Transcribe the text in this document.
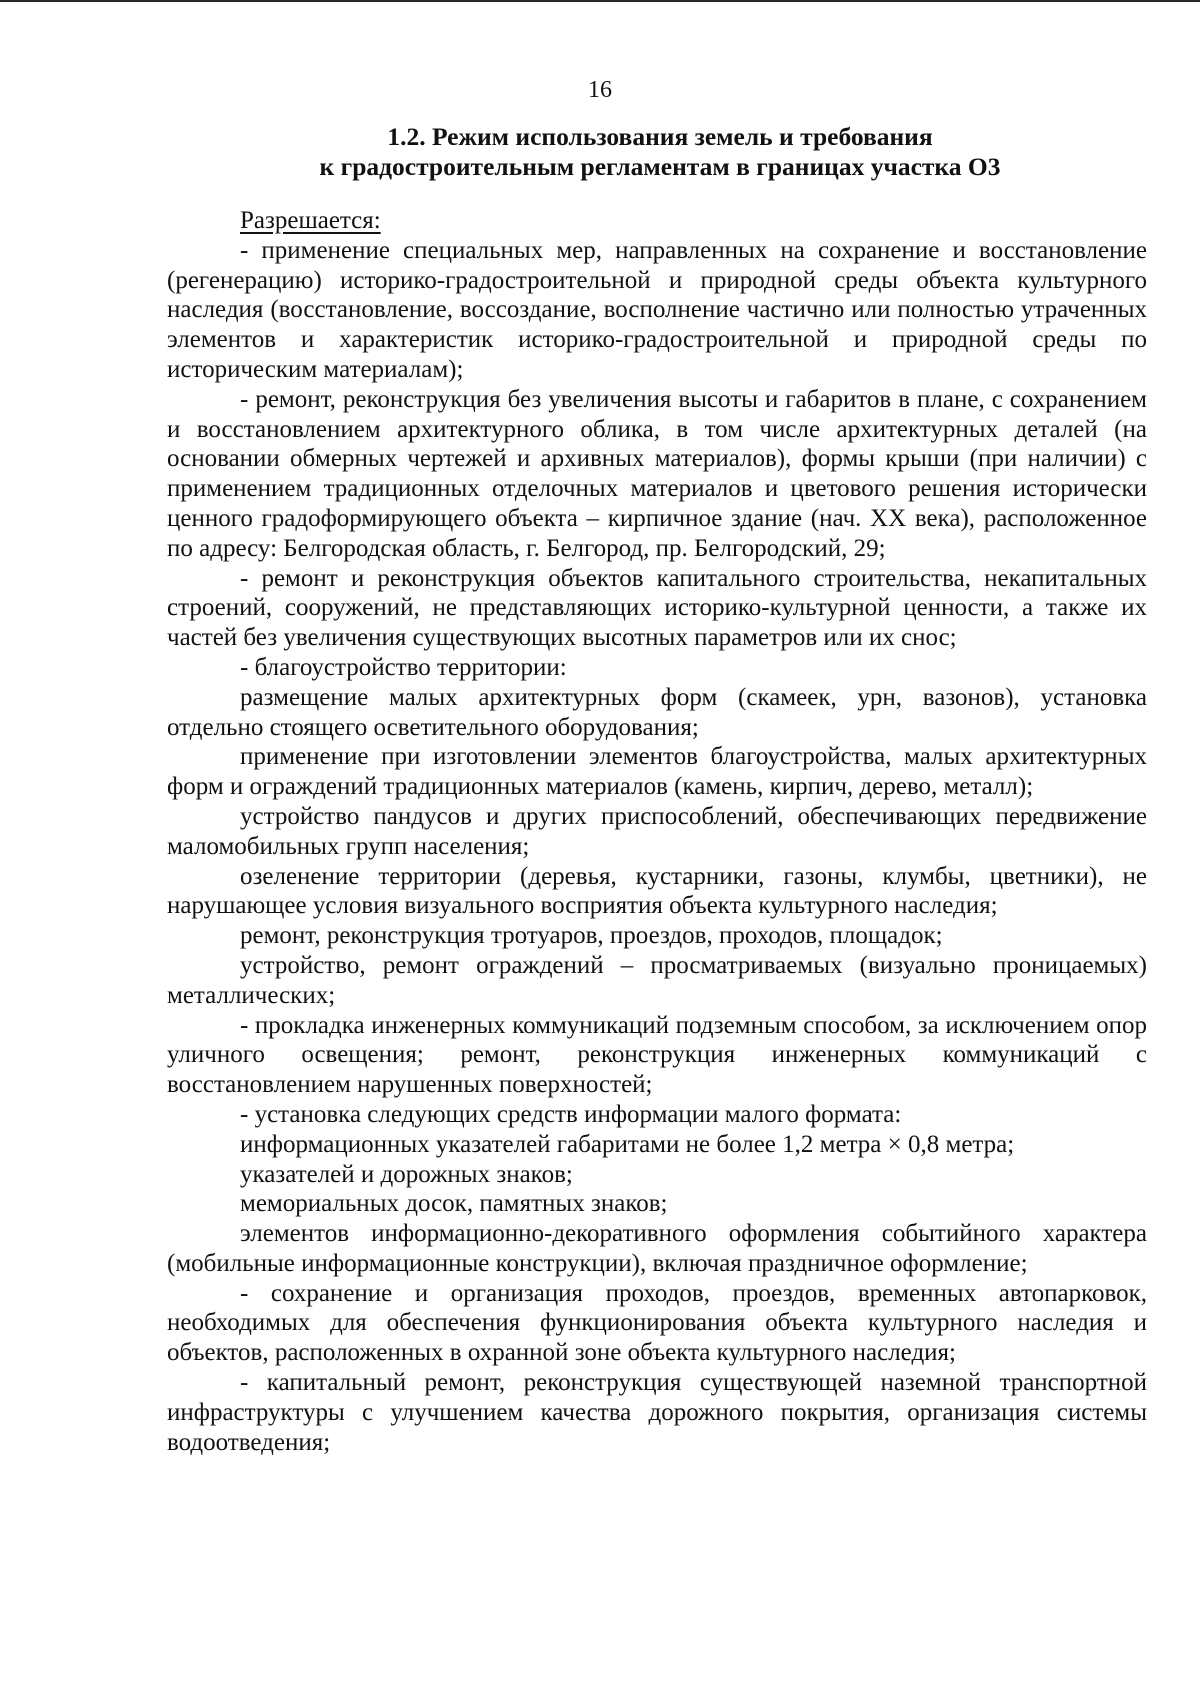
16
1.2. Режим использования земель и требования
к градостроительным регламентам в границах участка О3

Разрешается:

- применение специальных мер, направленных на сохранение и восстановление (регенерацию) историко-градостроительной и природной среды объекта культурного наследия (восстановление, воссоздание, восполнение частично или полностью утраченных элементов и характеристик историко-градостроительной и природной среды по историческим материалам);

- ремонт, реконструкция без увеличения высоты и габаритов в плане, с сохранением и восстановлением архитектурного облика, в том числе архитектурных деталей (на основании обмерных чертежей и архивных материалов), формы крыши (при наличии) с применением традиционных отделочных материалов и цветового решения исторически ценного градоформирующего объекта – кирпичное здание (нач. XX века), расположенное по адресу: Белгородская область, г. Белгород, пр. Белгородский, 29;

- ремонт и реконструкция объектов капитального строительства, некапитальных строений, сооружений, не представляющих историко-культурной ценности, а также их частей без увеличения существующих высотных параметров или их снос;

- благоустройство территории:

размещение малых архитектурных форм (скамеек, урн, вазонов), установка отдельно стоящего осветительного оборудования;

применение при изготовлении элементов благоустройства, малых архитектурных форм и ограждений традиционных материалов (камень, кирпич, дерево, металл);

устройство пандусов и других приспособлений, обеспечивающих передвижение маломобильных групп населения;

озеленение территории (деревья, кустарники, газоны, клумбы, цветники), не нарушающее условия визуального восприятия объекта культурного наследия;

ремонт, реконструкция тротуаров, проездов, проходов, площадок;

устройство, ремонт ограждений – просматриваемых (визуально проницаемых) металлических;

- прокладка инженерных коммуникаций подземным способом, за исключением опор уличного освещения; ремонт, реконструкция инженерных коммуникаций с восстановлением нарушенных поверхностей;

- установка следующих средств информации малого формата:

информационных указателей габаритами не более 1,2 метра × 0,8 метра;

указателей и дорожных знаков;

мемориальных досок, памятных знаков;

элементов информационно-декоративного оформления событийного характера (мобильные информационные конструкции), включая праздничное оформление;

- сохранение и организация проходов, проездов, временных автопарковок, необходимых для обеспечения функционирования объекта культурного наследия и объектов, расположенных в охранной зоне объекта культурного наследия;

- капитальный ремонт, реконструкция существующей наземной транспортной инфраструктуры с улучшением качества дорожного покрытия, организация системы водоотведения;
